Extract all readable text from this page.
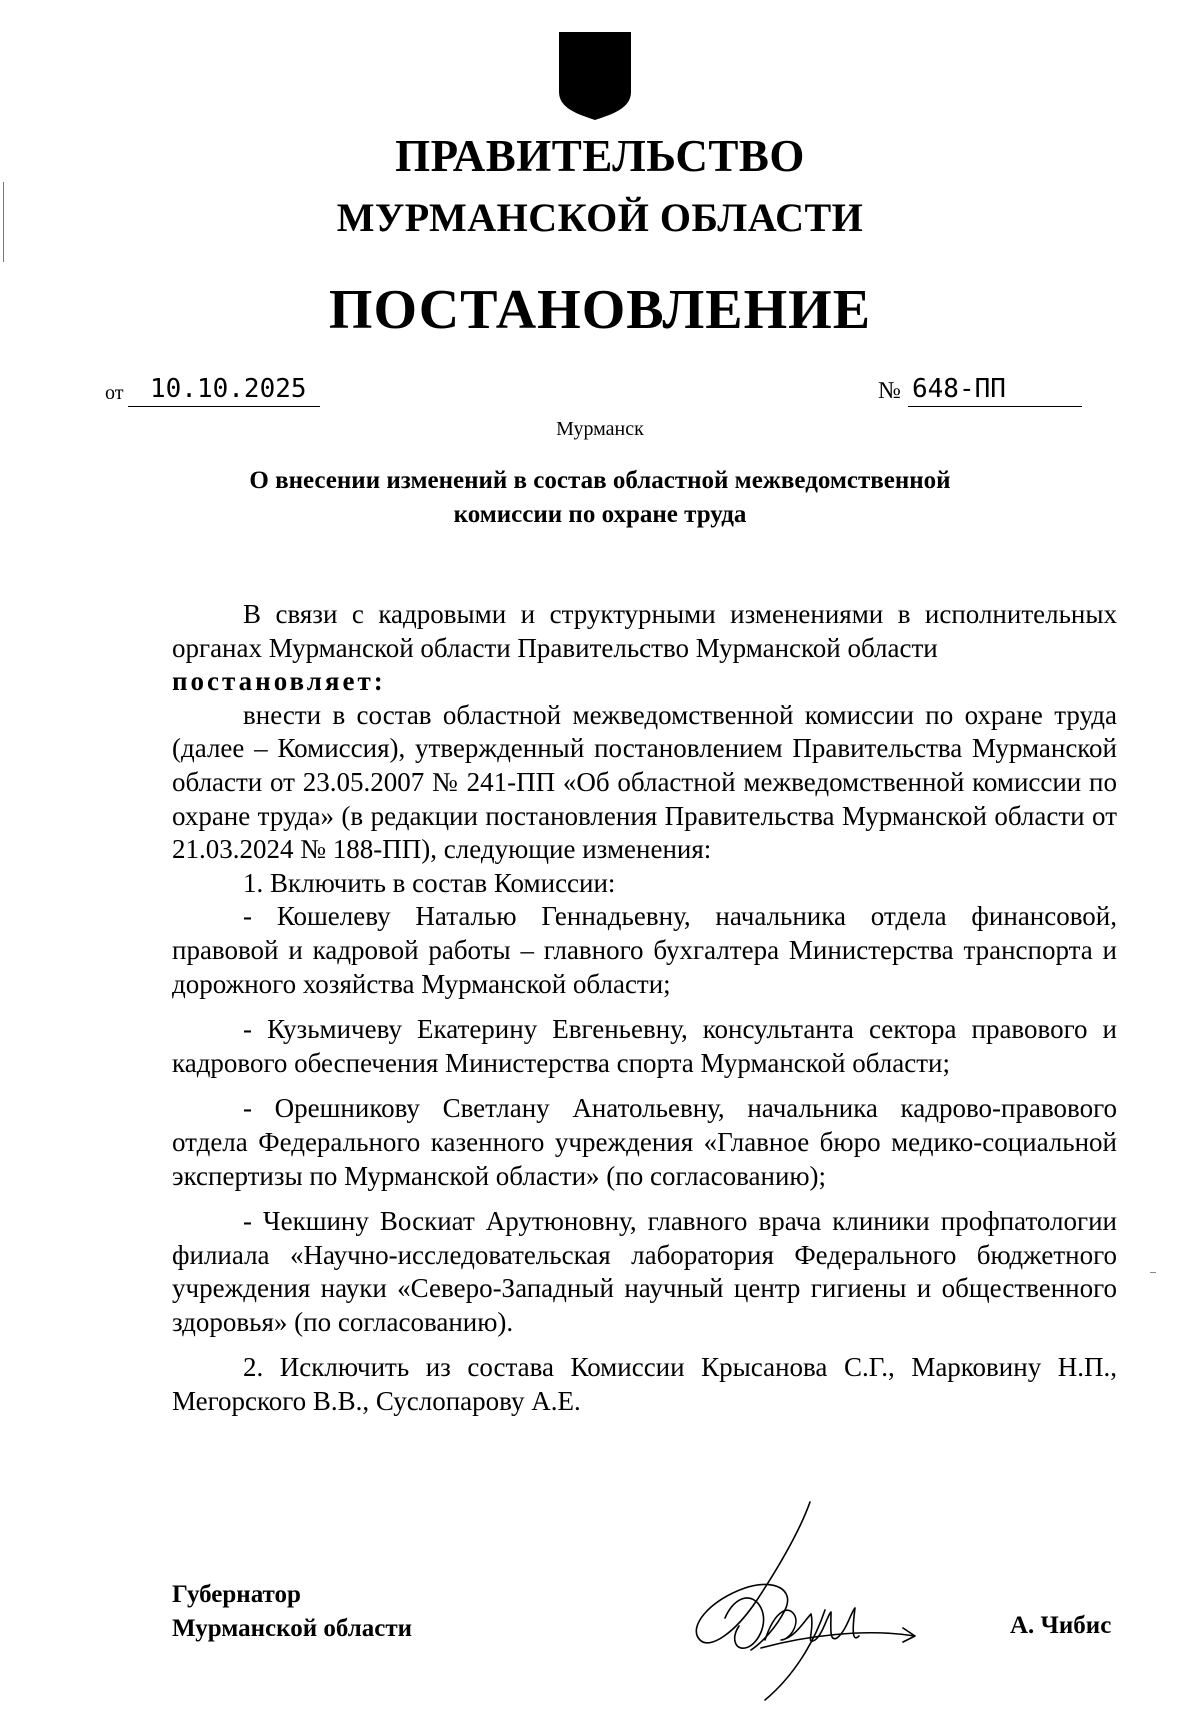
ПРАВИТЕЛЬСТВО
МУРМАНСКОЙ ОБЛАСТИ
ПОСТАНОВЛЕНИЕ
от	10.10.2025	№ 648-ПП
Мурманск
О внесении изменений в состав областной межведомственной
комиссии по охране труда

В связи с кадровыми и структурными изменениями в исполнительных органах Мурманской области Правительство Мурманской области
постановляет:

внести в состав областной межведомственной комиссии по охране труда (далее – Комиссия), утвержденный постановлением Правительства Мурманской области от 23.05.2007 № 241-ПП «Об областной межведомственной комиссии по охране труда» (в редакции постановления Правительства Мурманской области от 21.03.2024 № 188-ПП), следующие изменения:

1. Включить в состав Комиссии:

- Кошелеву Наталью Геннадьевну, начальника отдела финансовой, правовой и кадровой работы – главного бухгалтера Министерства транспорта и дорожного хозяйства Мурманской области;

- Кузьмичеву Екатерину Евгеньевну, консультанта сектора правового и кадрового обеспечения Министерства спорта Мурманской области;

- Орешникову Светлану Анатольевну, начальника кадрово-правового отдела Федерального казенного учреждения «Главное бюро медико-социальной экспертизы по Мурманской области» (по согласованию);

- Чекшину Воскиат Арутюновну, главного врача клиники профпатологии филиала «Научно-исследовательская лаборатория Федерального бюджетного учреждения науки «Северо-Западный научный центр гигиены и общественного здоровья» (по согласованию).

2. Исключить из состава Комиссии Крысанова С.Г., Марковину Н.П., Мегорского В.В., Суслопарову А.Е.

Губернатор
Мурманской области	А. Чибис
